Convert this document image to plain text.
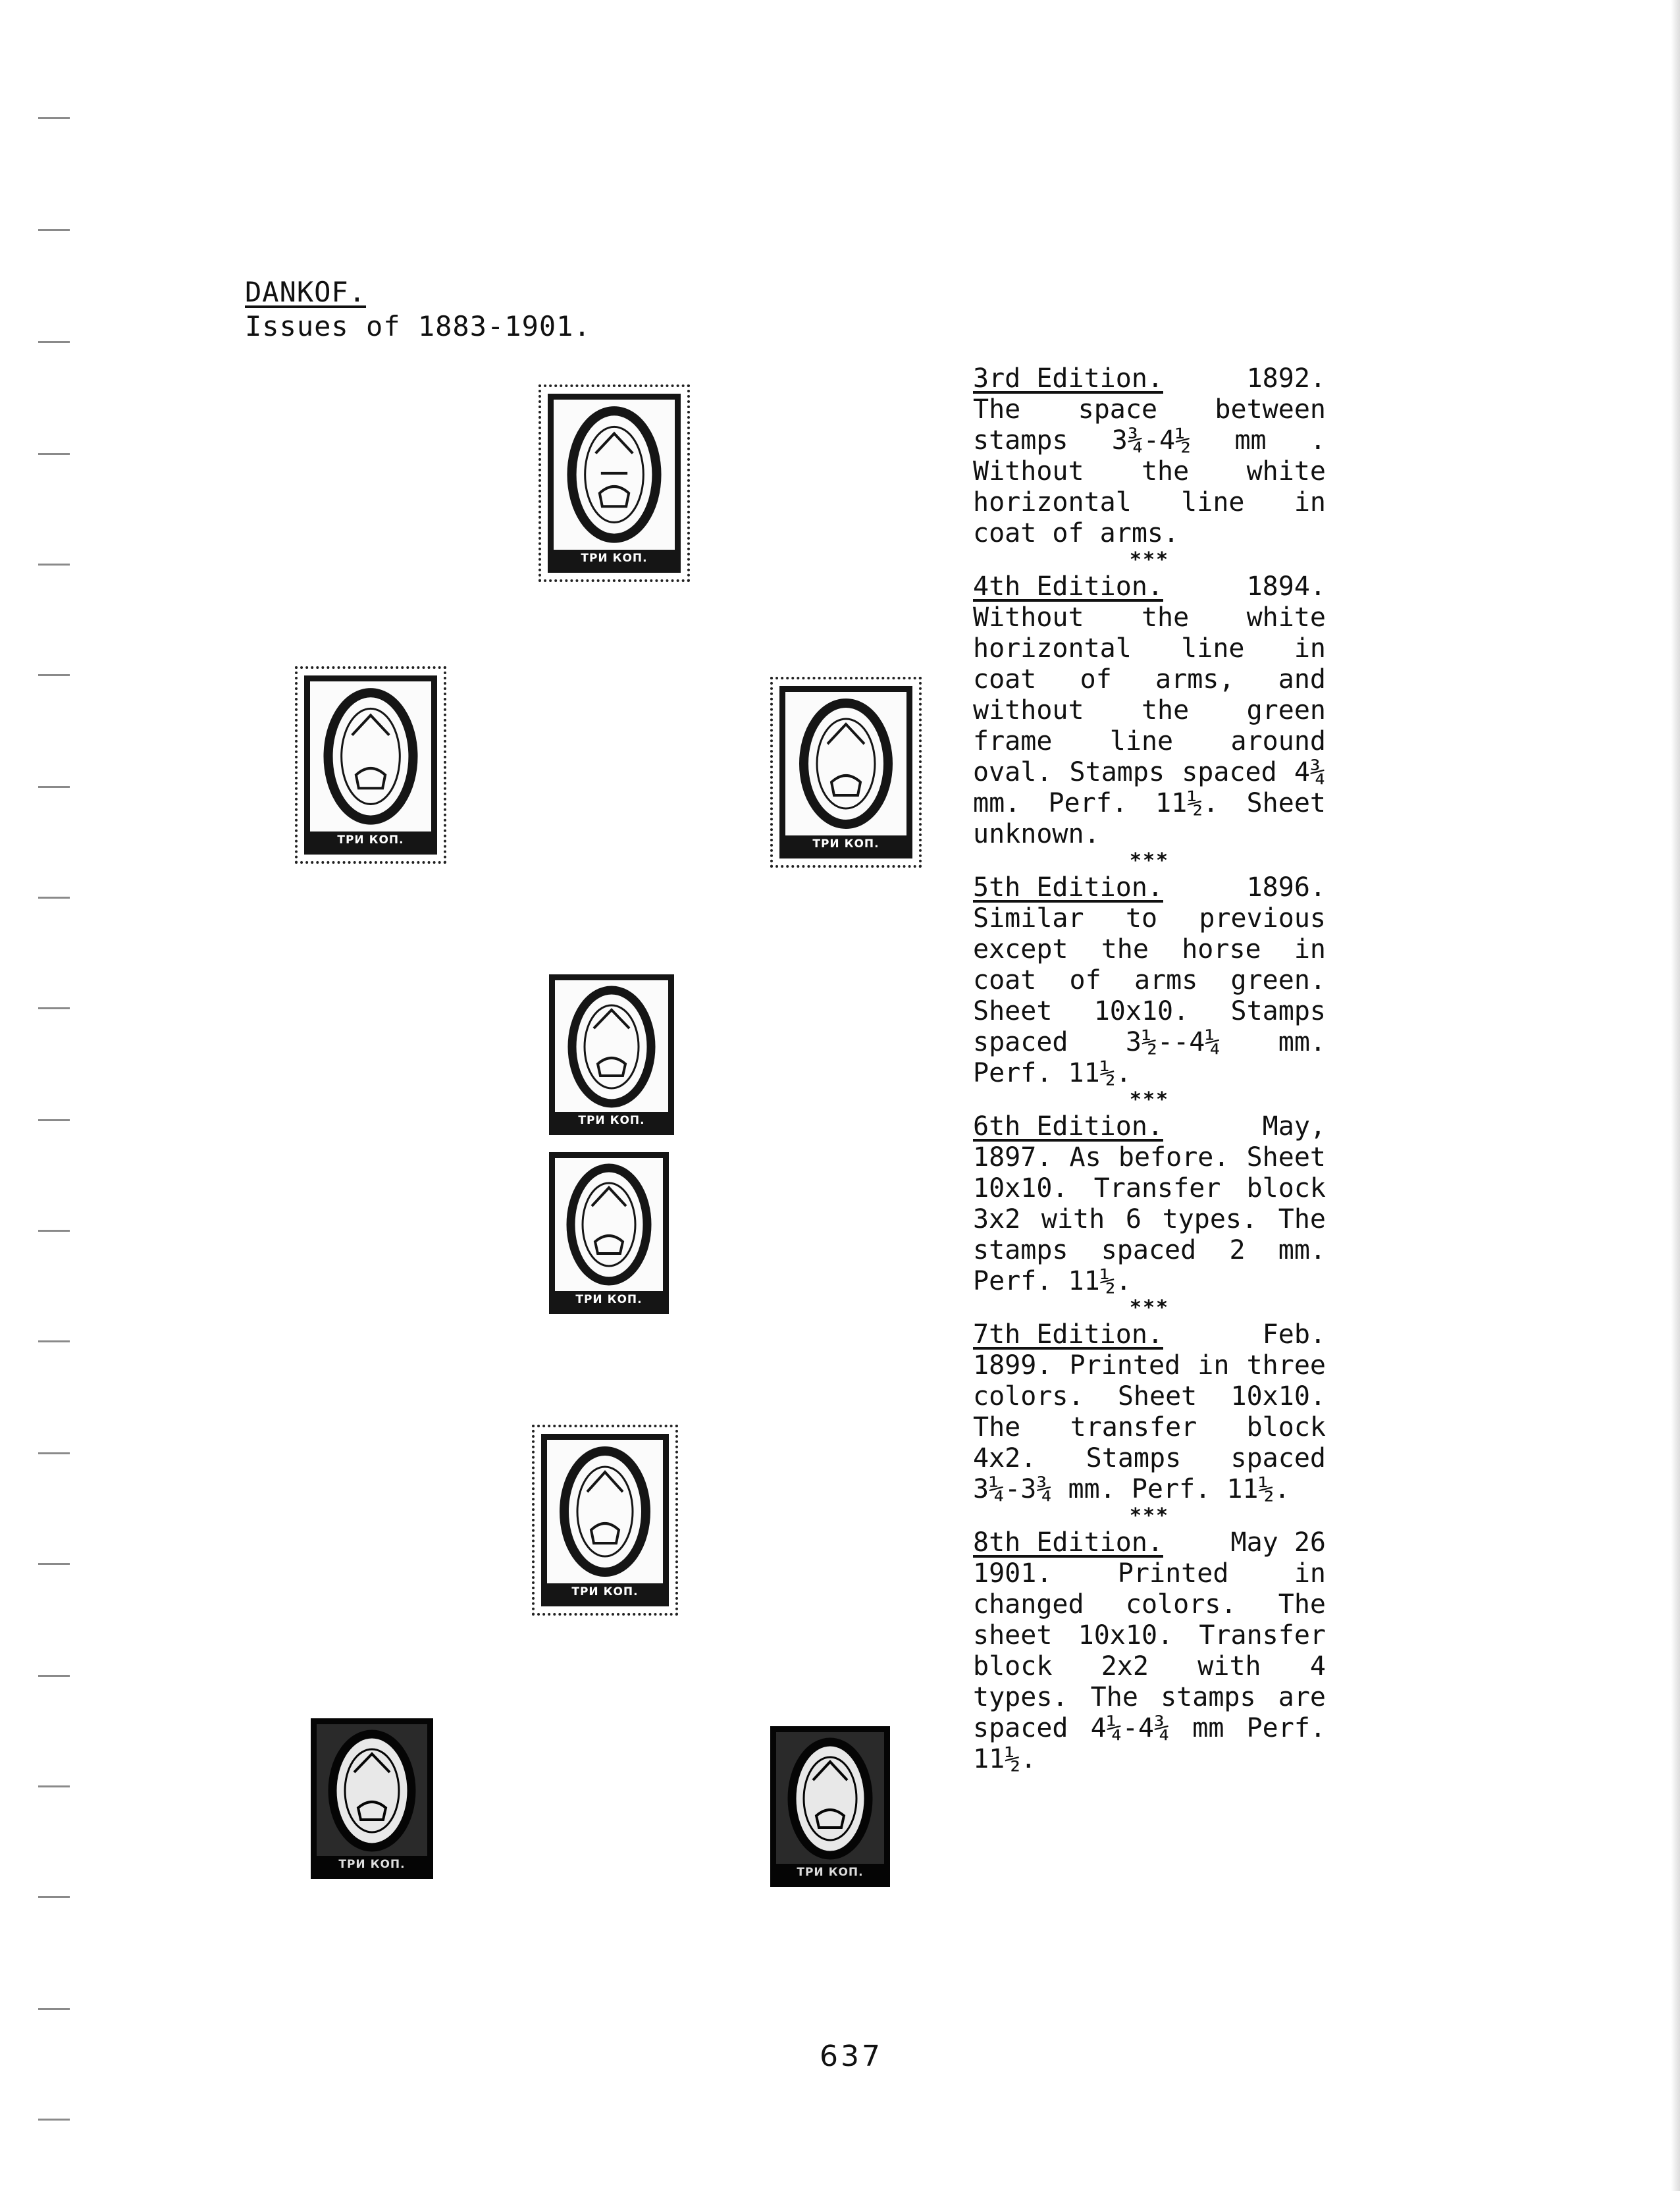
DANKOF.
Issues of 1883-1901.
ТРИ КОП.
ТРИ КОП.	ТРИ КОП.
ТРИ КОП.
ТРИ КОП.
ТРИ КОП.
ТРИ КОП.
ТРИ КОП.
3rd Edition.	1892.
The space between stamps 3¾-4½ mm . Without the white horizontal line in coat of arms.
***
4th Edition.	1894.
Without the white horizontal line in coat of arms, and without the green frame line around oval. Stamps spaced 4¾ mm. Perf. 11½. Sheet unknown.
***
5th Edition.	1896.
Similar to previous except the horse in coat of arms green. Sheet 10x10. Stamps spaced 3½--4¼ mm. Perf. 11½.
***
6th Edition.	May,
1897. As before. Sheet 10x10. Transfer block 3x2 with 6 types. The stamps spaced 2 mm. Perf. 11½.
***
7th Edition.	Feb.
1899. Printed in three colors. Sheet 10x10. The transfer block 4x2. Stamps spaced 3¼-3¾ mm. Perf. 11½.
***
8th Edition.	May 26
1901. Printed in changed colors. The sheet 10x10. Transfer block 2x2 with 4 types. The stamps are spaced 4¼-4¾ mm Perf. 11½.
637
